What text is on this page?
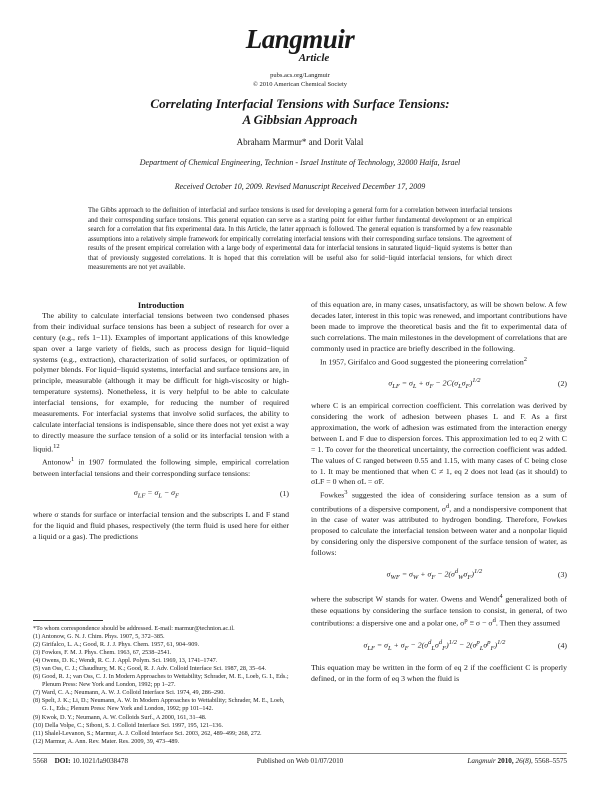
Langmuir
Article
pubs.acs.org/Langmuir
© 2010 American Chemical Society
Correlating Interfacial Tensions with Surface Tensions:
A Gibbsian Approach
Abraham Marmur* and Dorit Valal
Department of Chemical Engineering, Technion - Israel Institute of Technology, 32000 Haifa, Israel
Received October 10, 2009. Revised Manuscript Received December 17, 2009
The Gibbs approach to the definition of interfacial and surface tensions is used for developing a general form for a correlation between interfacial tensions and their corresponding surface tensions. This general equation can serve as a starting point for either further fundamental development or an empirical search for a correlation that fits experimental data. In this Article, the latter approach is followed. The general equation is transformed by a few reasonable assumptions into a relatively simple framework for empirically correlating interfacial tensions with their corresponding surface tensions. The agreement of results of the present empirical correlation with a large body of experimental data for interfacial tensions in saturated liquid−liquid systems is better than that of previously suggested correlations. It is hoped that this correlation will be useful also for solid−liquid interfacial tensions, for which direct measurements are not yet available.

Introduction

The ability to calculate interfacial tensions between two condensed phases from their individual surface tensions has been a subject of research for over a century (e.g., refs 1−11). Examples of important applications of this knowledge span over a large variety of fields, such as process design for liquid−liquid systems (e.g., extraction), characterization of solid surfaces, or optimization of polymer blends. For liquid−liquid systems, interfacial and surface tensions are, in principle, measurable (although it may be difficult for high-viscosity or high-temperature systems). Nonetheless, it is very helpful to be able to calculate interfacial tensions, for example, for reducing the number of required measurements. For interfacial systems that involve solid surfaces, the ability to calculate interfacial tensions is indispensable, since there does not yet exist a way to directly measure the surface tension of a solid or its interfacial tension with a liquid.$^{12}$

Antonow$^1$ in 1907 formulated the following simple, empirical correlation between interfacial tensions and their corresponding surface tensions:

$\sigma_{LF} = \sigma_L - \sigma_F$	(1)

where σ stands for surface or interfacial tension and the subscripts L and F stand for the liquid and fluid phases, respectively (the term fluid is used here for either a liquid or a gas). The predictions

*To whom correspondence should be addressed. E-mail: marmur@technion.ac.il.
(1) Antonow, G. N. J. Chim. Phys. 1907, 5, 372–385.
(2) Girifalco, L. A.; Good, R. J. J. Phys. Chem. 1957, 61, 904–909.
(3) Fowkes, F. M. J. Phys. Chem. 1963, 67, 2538–2541.
(4) Owens, D. K.; Wendt, R. C. J. Appl. Polym. Sci. 1969, 13, 1741–1747.
(5) van Oss, C. J.; Chaudhury, M. K.; Good, R. J. Adv. Colloid Interface Sci. 1987, 28, 35–64.
(6) Good, R. J.; van Oss, C. J. In Modern Approaches to Wettability; Schrader, M. E., Loeb, G. I., Eds.; Plenum Press: New York and London, 1992; pp 1–27.
(7) Ward, C. A.; Neumann, A. W. J. Colloid Interface Sci. 1974, 49, 286–290.
(8) Spelt, J. K.; Li, D.; Neumann, A. W. In Modern Approaches to Wettability; Schrader, M. E., Loeb, G. I., Eds.; Plenum Press: New York and London, 1992; pp 101–142.
(9) Kwok, D. Y.; Neumann, A. W. Colloids Surf., A 2000, 161, 31–48.
(10) Della Volpe, C.; Siboni, S. J. Colloid Interface Sci. 1997, 195, 121–136.
(11) Shalel-Levanon, S.; Marmur, A. J. Colloid Interface Sci. 2003, 262, 489–499; 268, 272.
(12) Marmur, A. Ann. Rev. Mater. Res. 2009, 39, 473–489.

of this equation are, in many cases, unsatisfactory, as will be shown below. A few decades later, interest in this topic was renewed, and important contributions have been made to improve the theoretical basis and the fit to experimental data of such correlations. The main milestones in the development of correlations that are commonly used in practice are briefly described in the following.

In 1957, Girifalco and Good suggested the pioneering correlation$^2$

$\sigma_{LF} = \sigma_L + \sigma_F - 2C(\sigma_L\sigma_F)^{1/2}$	(2)

where C is an empirical correction coefficient. This correlation was derived by considering the work of adhesion between phases L and F. As a first approximation, the work of adhesion was estimated from the interaction energy between L and F due to dispersion forces. This approximation led to eq 2 with C = 1. To cover for the theoretical uncertainty, the correction coefficient was added. The values of C ranged between 0.55 and 1.15, with many cases of C being close to 1. It may be mentioned that when C ≠ 1, eq 2 does not lead (as it should) to σLF = 0 when σL = σF.

Fowkes$^3$ suggested the idea of considering surface tension as a sum of contributions of a dispersive component, $\sigma^d$, and a nondispersive component that in the case of water was attributed to hydrogen bonding. Therefore, Fowkes proposed to calculate the interfacial tension between water and a nonpolar liquid by considering only the dispersive component of the surface tension of water, as follows:

$\sigma_{WF} = \sigma_W + \sigma_F - 2(\sigma^d_W\sigma_F)^{1/2}$	(3)

where the subscript W stands for water. Owens and Wendt$^4$ generalized both of these equations by considering the surface tension to consist, in general, of two contributions: a dispersive one and a polar one, $\sigma^p \equiv \sigma - \sigma^d$. Then they assumed

$\sigma_{LF} = \sigma_L + \sigma_F - 2(\sigma^d_L\sigma^d_F)^{1/2} - 2(\sigma^p_L\sigma^p_F)^{1/2}$	(4)

This equation may be written in the form of eq 2 if the coefficient C is properly defined, or in the form of eq 3 when the fluid is

5568 DOI: 10.1021/la9038478	Published on Web 01/07/2010	Langmuir 2010, 26(8), 5568–5575
